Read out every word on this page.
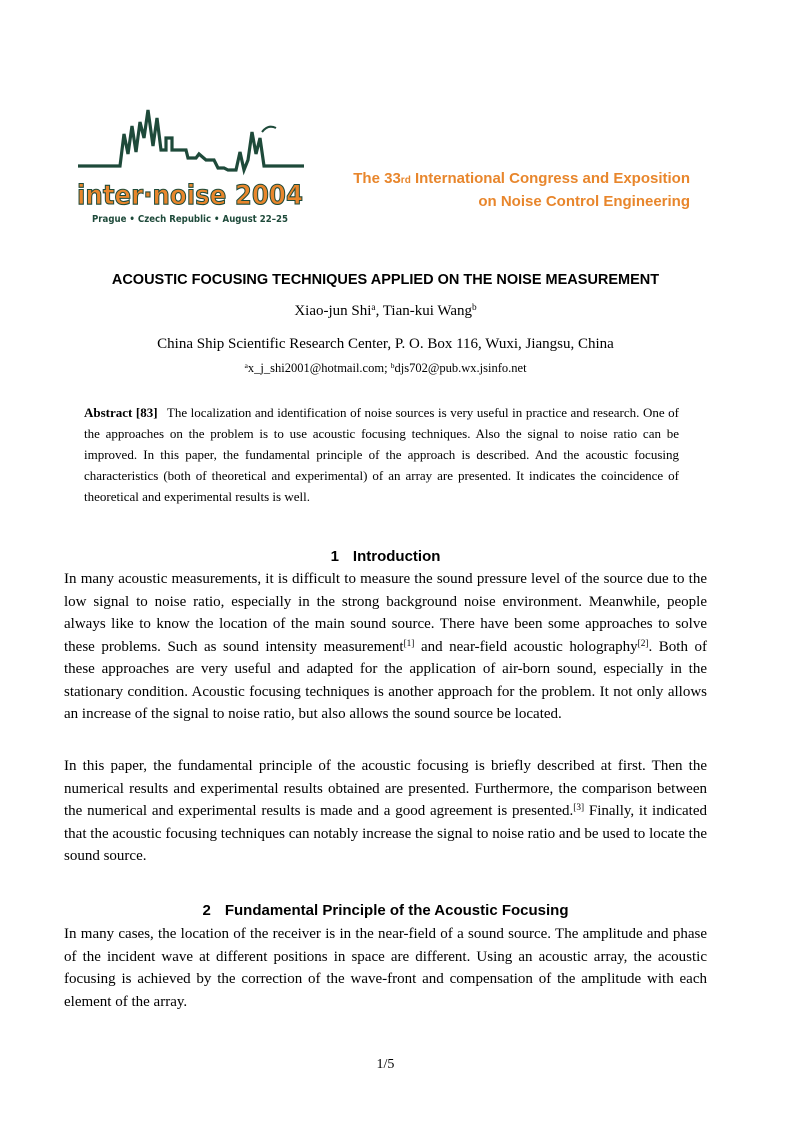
inter·noise 2004
Prague • Czech Republic • August 22–25
The 33rd International Congress and Exposition
on Noise Control Engineering
ACOUSTIC FOCUSING TECHNIQUES APPLIED ON THE NOISE MEASUREMENT
Xiao-jun Shi$^a$, Tian-kui Wang$^b$
China Ship Scientific Research Center, P. O. Box 116, Wuxi, Jiangsu, China
$^a$x_j_shi2001@hotmail.com; $^b$djs702@pub.wx.jsinfo.net

Abstract [83] The localization and identification of noise sources is very useful in practice and research. One of the approaches on the problem is to use acoustic focusing techniques. Also the signal to noise ratio can be improved. In this paper, the fundamental principle of the approach is described. And the acoustic focusing characteristics (both of theoretical and experimental) of an array are presented. It indicates the coincidence of theoretical and experimental results is well.

1 Introduction

In many acoustic measurements, it is difficult to measure the sound pressure level of the source due to the low signal to noise ratio, especially in the strong background noise environment. Meanwhile, people always like to know the location of the main sound source. There have been some approaches to solve these problems. Such as sound intensity measurement[1] and near-field acoustic holography[2]. Both of these approaches are very useful and adapted for the application of air-born sound, especially in the stationary condition. Acoustic focusing techniques is another approach for the problem. It not only allows an increase of the signal to noise ratio, but also allows the sound source be located.

In this paper, the fundamental principle of the acoustic focusing is briefly described at first. Then the numerical results and experimental results obtained are presented. Furthermore, the comparison between the numerical and experimental results is made and a good agreement is presented.[3] Finally, it indicated that the acoustic focusing techniques can notably increase the signal to noise ratio and be used to locate the sound source.

2 Fundamental Principle of the Acoustic Focusing

In many cases, the location of the receiver is in the near-field of a sound source. The amplitude and phase of the incident wave at different positions in space are different. Using an acoustic array, the acoustic focusing is achieved by the correction of the wave-front and compensation of the amplitude with each element of the array.

1/5
